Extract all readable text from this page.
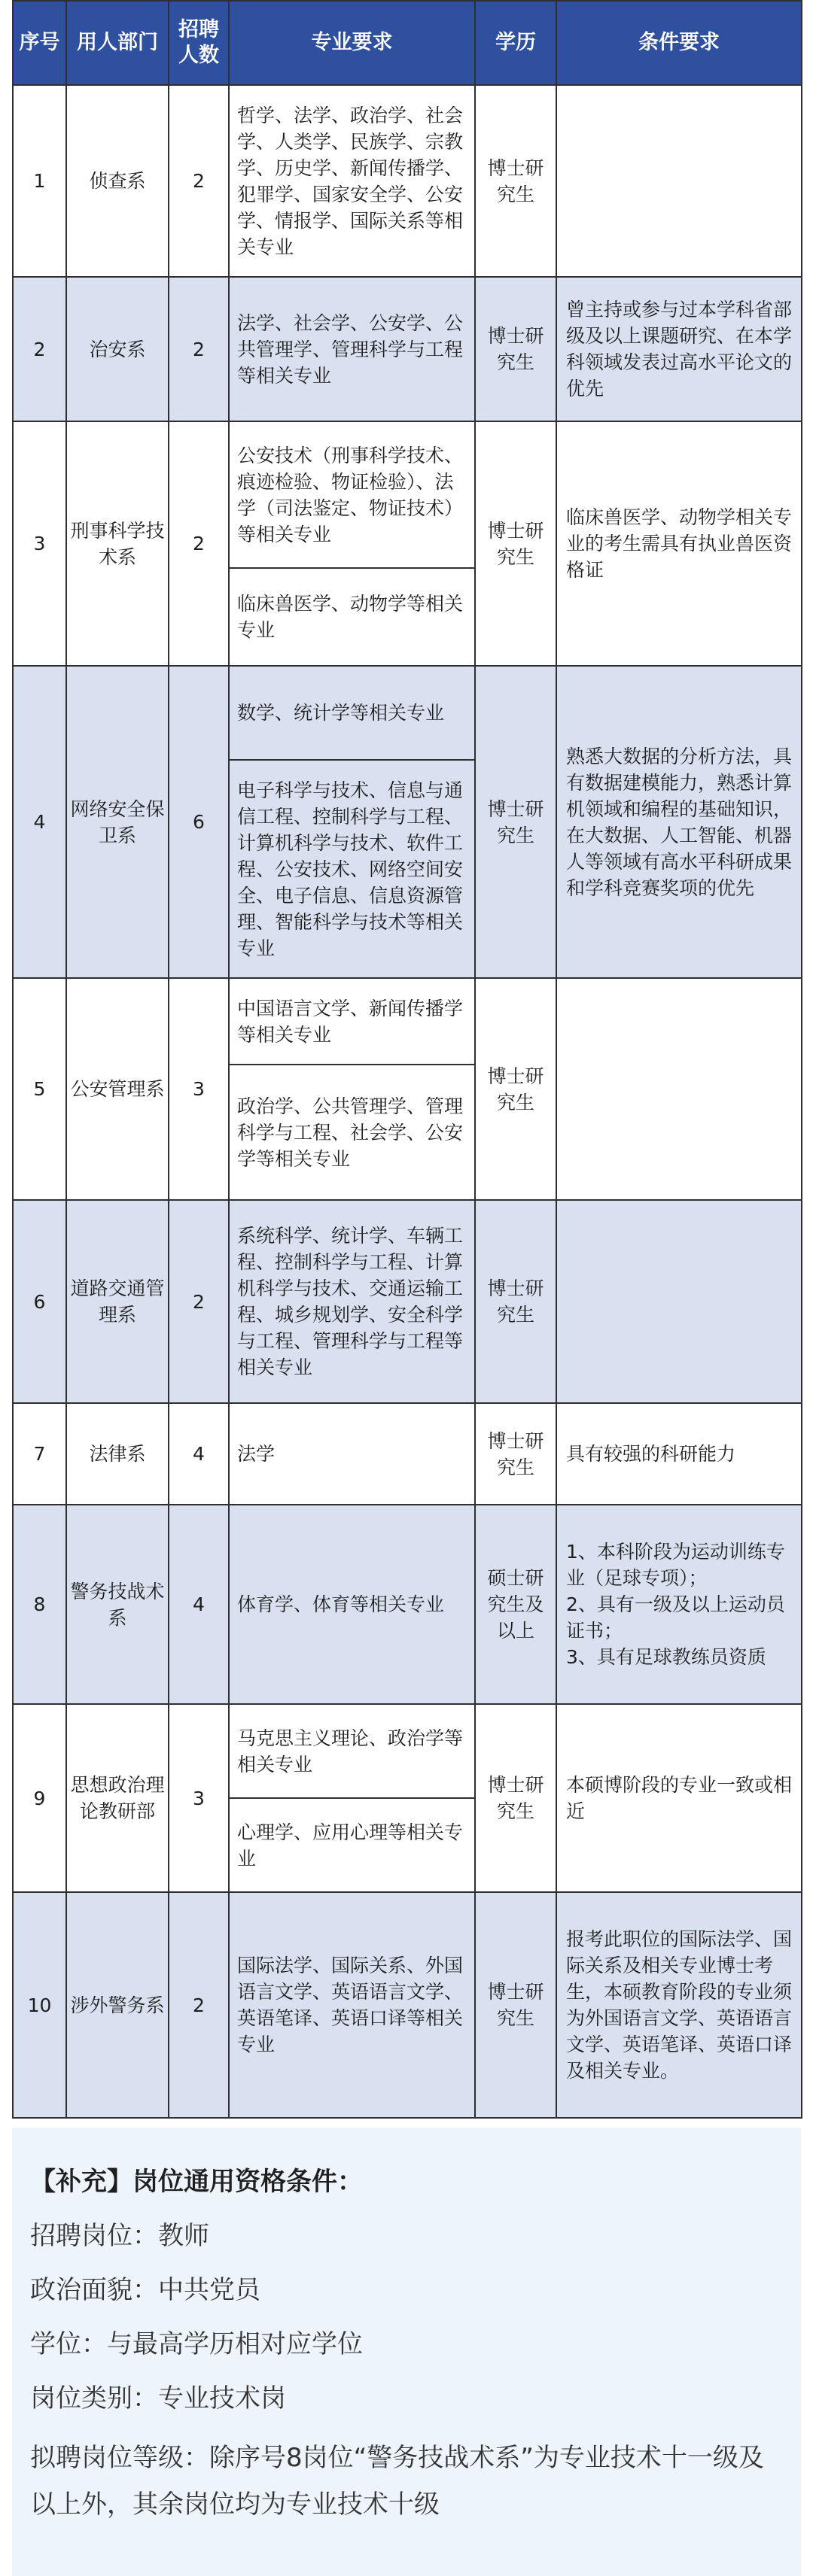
序号	用人部门	招聘人数	专业要求	学历	条件要求
1	侦查系	2	哲学、法学、政治学、社会学、人类学、民族学、宗教学、历史学、新闻传播学、犯罪学、国家安全学、公安学、情报学、国际关系等相关专业	博士研究生	
2	治安系	2	法学、社会学、公安学、公共管理学、管理科学与工程等相关专业	博士研究生	曾主持或参与过本学科省部级及以上课题研究、在本学科领域发表过高水平论文的优先
3	刑事科学技术系	2	公安技术（刑事科学技术、痕迹检验、物证检验）、法学（司法鉴定、物证技术）等相关专业	博士研究生	临床兽医学、动物学相关专业的考生需具有执业兽医资格证
			临床兽医学、动物学等相关专业		
4	网络安全保卫系	6	数学、统计学等相关专业	博士研究生	熟悉大数据的分析方法，具有数据建模能力，熟悉计算机领域和编程的基础知识，在大数据、人工智能、机器人等领域有高水平科研成果和学科竞赛奖项的优先
			电子科学与技术、信息与通信工程、控制科学与工程、计算机科学与技术、软件工程、公安技术、网络空间安全、电子信息、信息资源管理、智能科学与技术等相关专业		
5	公安管理系	3	中国语言文学、新闻传播学等相关专业	博士研究生	
			政治学、公共管理学、管理科学与工程、社会学、公安学等相关专业		
6	道路交通管理系	2	系统科学、统计学、车辆工程、控制科学与工程、计算机科学与技术、交通运输工程、城乡规划学、安全科学与工程、管理科学与工程等相关专业	博士研究生	
7	法律系	4	法学	博士研究生	具有较强的科研能力
8	警务技战术系	4	体育学、体育等相关专业	硕士研究生及以上	1、本科阶段为运动训练专业（足球专项）；
2、具有一级及以上运动员证书；
3、具有足球教练员资质
9	思想政治理论教研部	3	马克思主义理论、政治学等相关专业	博士研究生	本硕博阶段的专业一致或相近
			心理学、应用心理等相关专业		
10	涉外警务系	2	国际法学、国际关系、外国语言文学、英语语言文学、英语笔译、英语口译等相关专业	博士研究生	报考此职位的国际法学、国际关系及相关专业博士考生，本硕教育阶段的专业须为外国语言文学、英语语言文学、英语笔译、英语口译及相关专业。
【补充】岗位通用资格条件：
招聘岗位：教师
政治面貌：中共党员
学位：与最高学历相对应学位
岗位类别：专业技术岗
拟聘岗位等级：除序号8岗位“警务技战术系”为专业技术十一级及以上外，其余岗位均为专业技术十级
